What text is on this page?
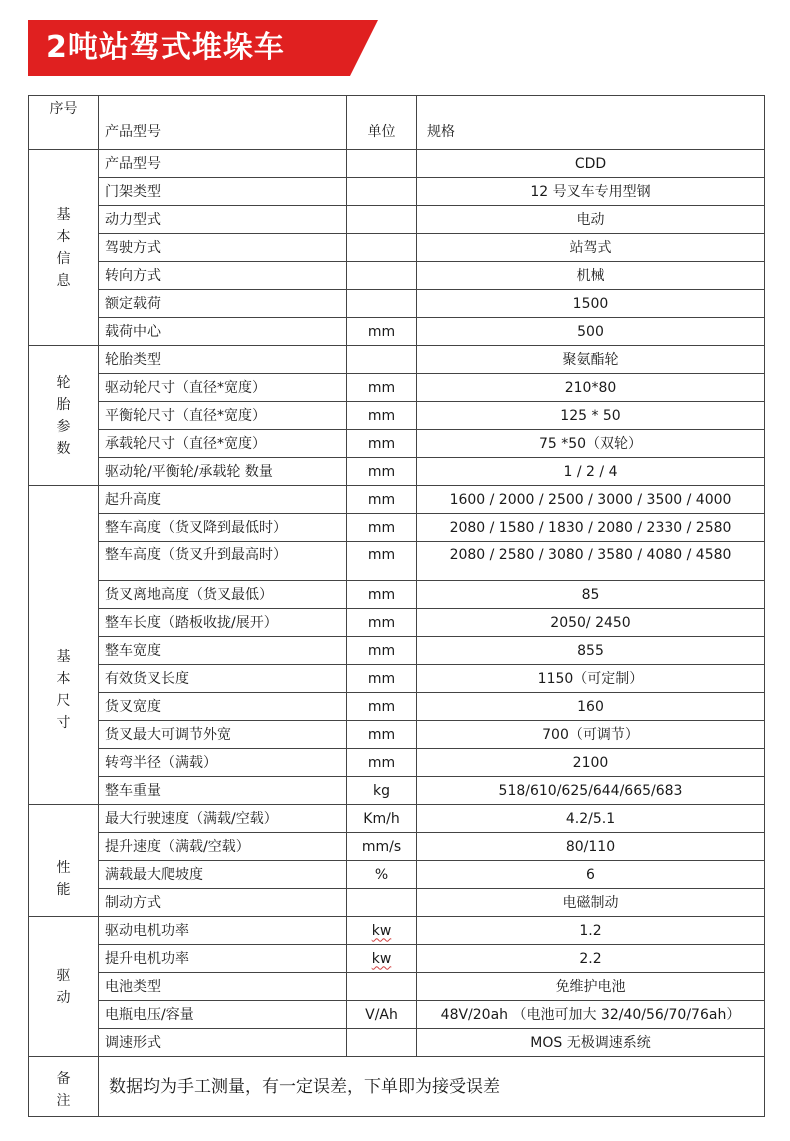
2吨站驾式堆垛车
序号	产品型号	单位	规格
基本信息	产品型号		CDD
	门架类型		12 号叉车专用型钢
	动力型式		电动
	驾驶方式		站驾式
	转向方式		机械
	额定载荷		1500
	载荷中心	mm	500
轮胎参数	轮胎类型		聚氨酯轮
	驱动轮尺寸（直径*宽度）	mm	210*80
	平衡轮尺寸（直径*宽度）	mm	125 * 50
	承载轮尺寸（直径*宽度）	mm	75 *50（双轮）
	驱动轮/平衡轮/承载轮 数量	mm	1 / 2 / 4
基本尺寸	起升高度	mm	1600 / 2000 / 2500 / 3000 / 3500 / 4000
	整车高度（货叉降到最低时）	mm	2080 / 1580 / 1830 / 2080 / 2330 / 2580
	整车高度（货叉升到最高时）	mm	2080 / 2580 / 3080 / 3580 / 4080 / 4580
	货叉离地高度（货叉最低）	mm	85
	整车长度（踏板收拢/展开）	mm	2050/ 2450
	整车宽度	mm	855
	有效货叉长度	mm	1150（可定制）
	货叉宽度	mm	160
	货叉最大可调节外宽	mm	700（可调节）
	转弯半径（满载）	mm	2100
	整车重量	kg	518/610/625/644/665/683
性能	最大行驶速度（满载/空载）	Km/h	4.2/5.1
	提升速度（满载/空载）	mm/s	80/110
	满载最大爬坡度	%	6
	制动方式		电磁制动
驱动	驱动电机功率	kw	1.2
	提升电机功率	kw	2.2
	电池类型		免维护电池
	电瓶电压/容量	V/Ah	48V/20ah （电池可加大 32/40/56/70/76ah）
	调速形式		MOS 无极调速系统
备注	数据均为手工测量，有一定误差，下单即为接受误差		
